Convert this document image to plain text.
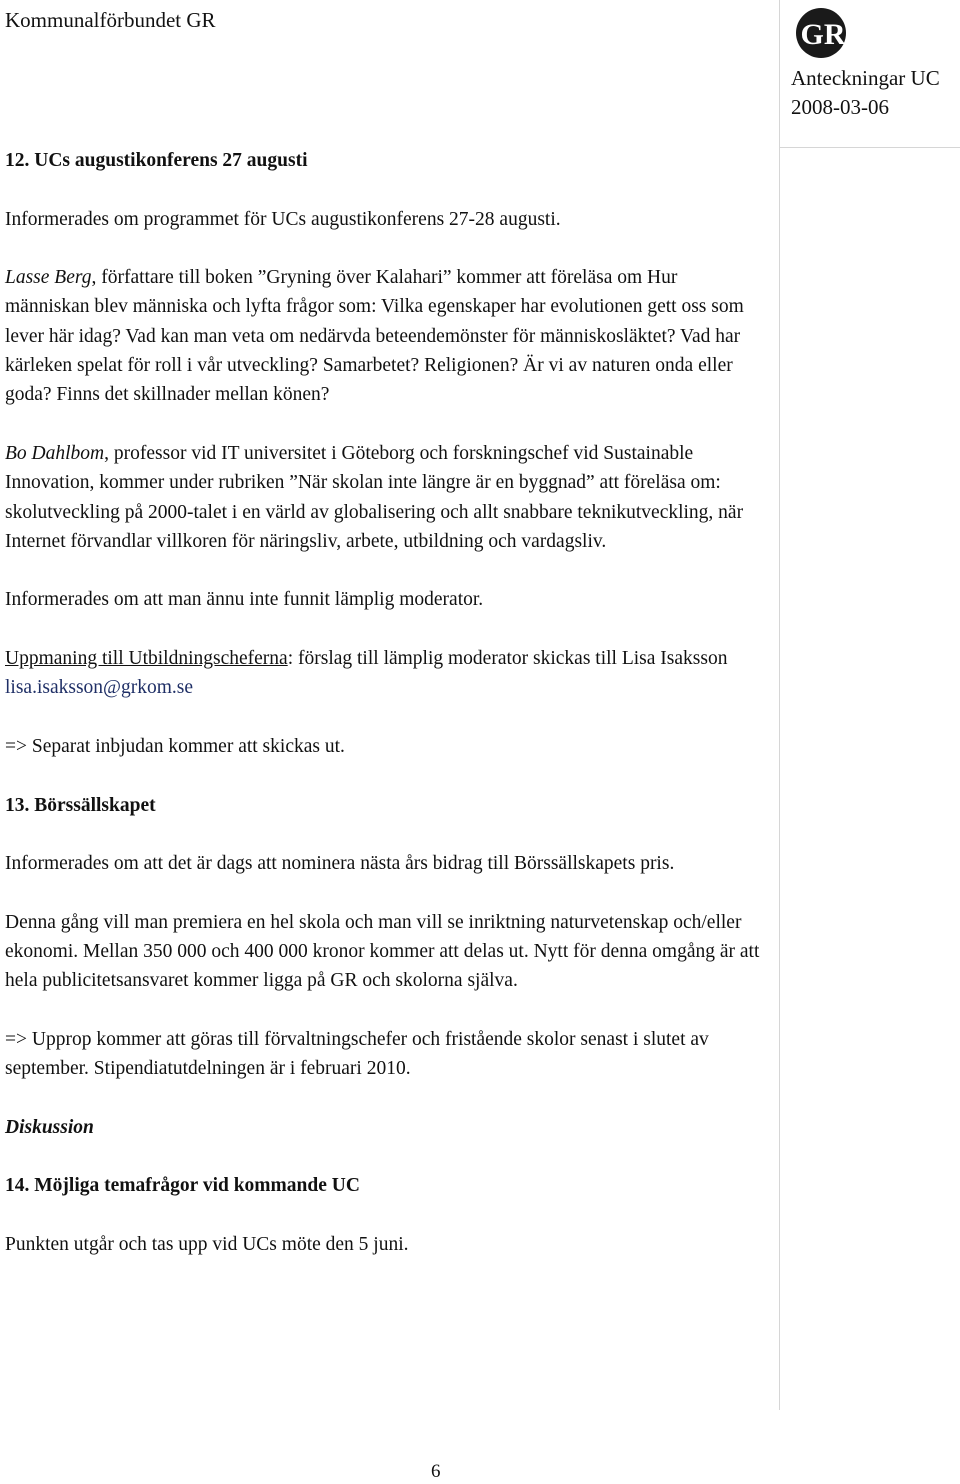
Kommunalförbundet GR	GR
Anteckningar UC
2008-03-06

12. UCs augustikonferens 27 augusti

Informerades om programmet för UCs augustikonferens 27-28 augusti.

Lasse Berg, författare till boken ”Gryning över Kalahari” kommer att föreläsa om Hur människan blev människa och lyfta frågor som: Vilka egenskaper har evolutionen gett oss som lever här idag? Vad kan man veta om nedärvda beteendemönster för människosläktet? Vad har kärleken spelat för roll i vår utveckling? Samarbetet? Religionen? Är vi av naturen onda eller goda? Finns det skillnader mellan könen?

Bo Dahlbom, professor vid IT universitet i Göteborg och forskningschef vid Sustainable Innovation, kommer under rubriken ”När skolan inte längre är en byggnad” att föreläsa om: skolutveckling på 2000-talet i en värld av globalisering och allt snabbare teknikutveckling, när Internet förvandlar villkoren för näringsliv, arbete, utbildning och vardagsliv.

Informerades om att man ännu inte funnit lämplig moderator.

Uppmaning till Utbildningscheferna: förslag till lämplig moderator skickas till Lisa Isaksson lisa.isaksson@grkom.se

=> Separat inbjudan kommer att skickas ut.

13. Börssällskapet

Informerades om att det är dags att nominera nästa års bidrag till Börssällskapets pris.

Denna gång vill man premiera en hel skola och man vill se inriktning naturvetenskap och/eller ekonomi. Mellan 350 000 och 400 000 kronor kommer att delas ut. Nytt för denna omgång är att hela publicitetsansvaret kommer ligga på GR och skolorna själva.

=> Upprop kommer att göras till förvaltningschefer och fristående skolor senast i slutet av september. Stipendiatutdelningen är i februari 2010.

Diskussion

14. Möjliga temafrågor vid kommande UC

Punkten utgår och tas upp vid UCs möte den 5 juni.

6
